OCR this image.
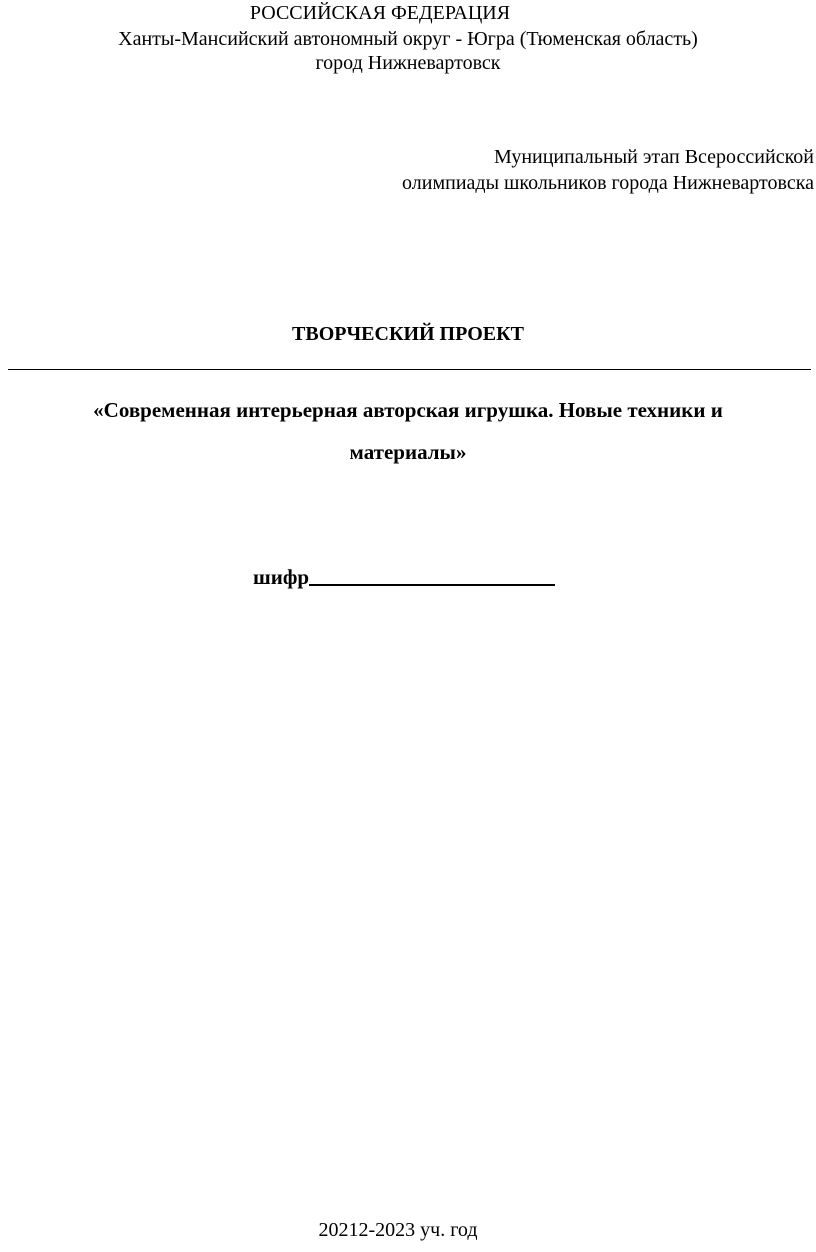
РОССИЙСКАЯ ФЕДЕРАЦИЯ
Ханты-Мансийский автономный округ - Югра (Тюменская область)
город Нижневартовск
Муниципальный этап Всероссийской
олимпиады школьников города Нижневартовска
ТВОРЧЕСКИЙ ПРОЕКТ
«Современная интерьерная авторская игрушка. Новые техники и
материалы»
шифр
20212-2023 уч. год
